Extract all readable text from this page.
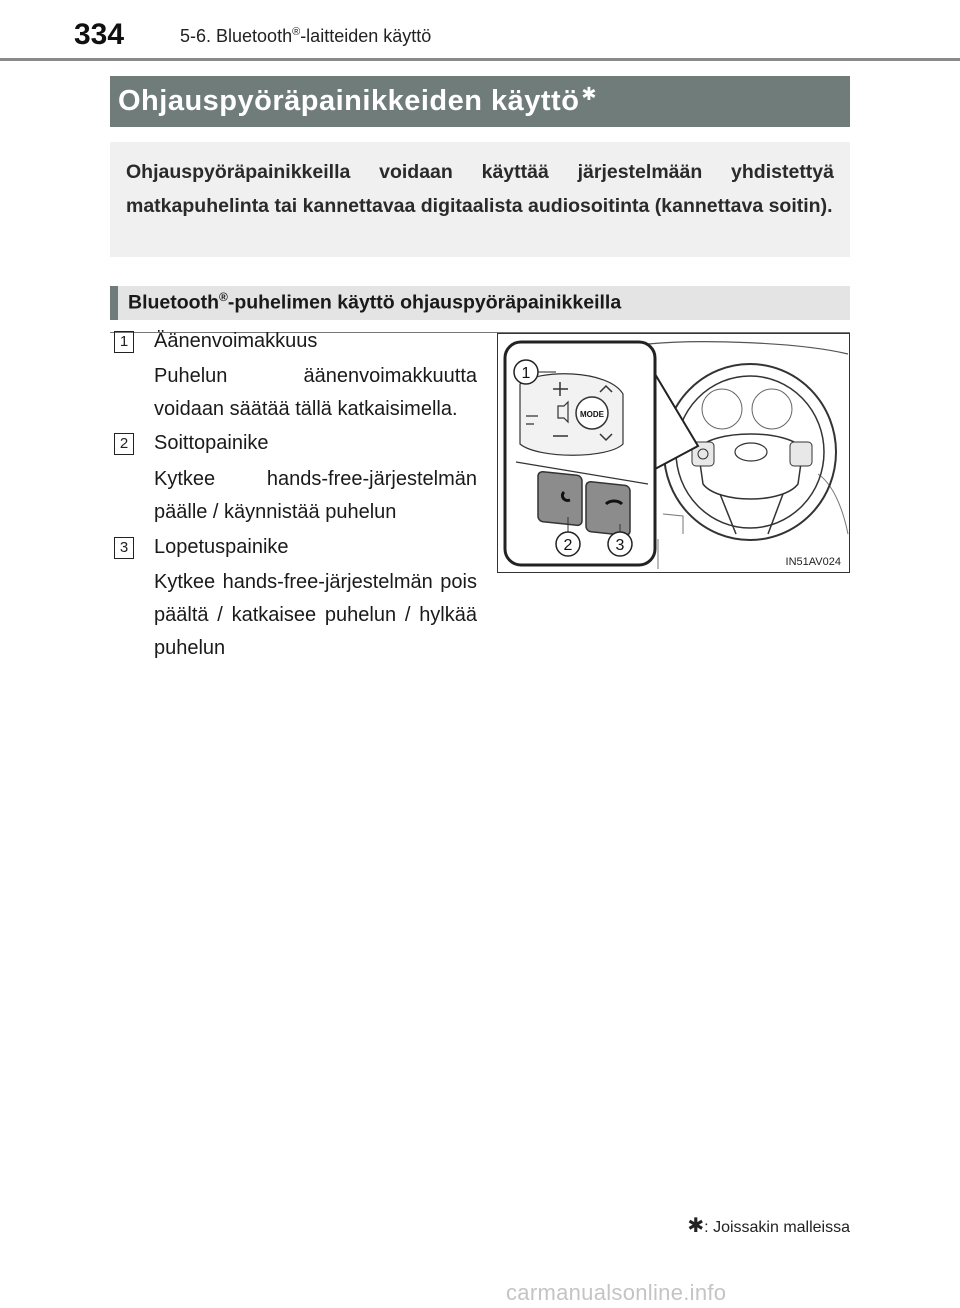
334	5-6. Bluetooth®-laitteiden käyttö
Ohjauspyöräpainikkeiden käyttö ✱
Ohjauspyöräpainikkeilla voidaan käyttää järjestelmään yhdistettyä matkapuhelinta tai kannettavaa digitaalista audiosoitinta (kannettava soitin).
Bluetooth®-puhelimen käyttö ohjauspyöräpainikkeilla
1 Äänenvoimakkuus
Puhelun äänenvoimakkuutta voidaan säätää tällä katkaisimella.
2 Soittopainike
Kytkee hands-free-järjestelmän päälle / käynnistää puhelun
3 Lopetuspainike
Kytkee hands-free-järjestelmän pois päältä / katkaisee puhelun / hylkää puhelun
MODE
1
2	3
IN51AV024
✱: Joissakin malleissa
carmanualsonline.info
